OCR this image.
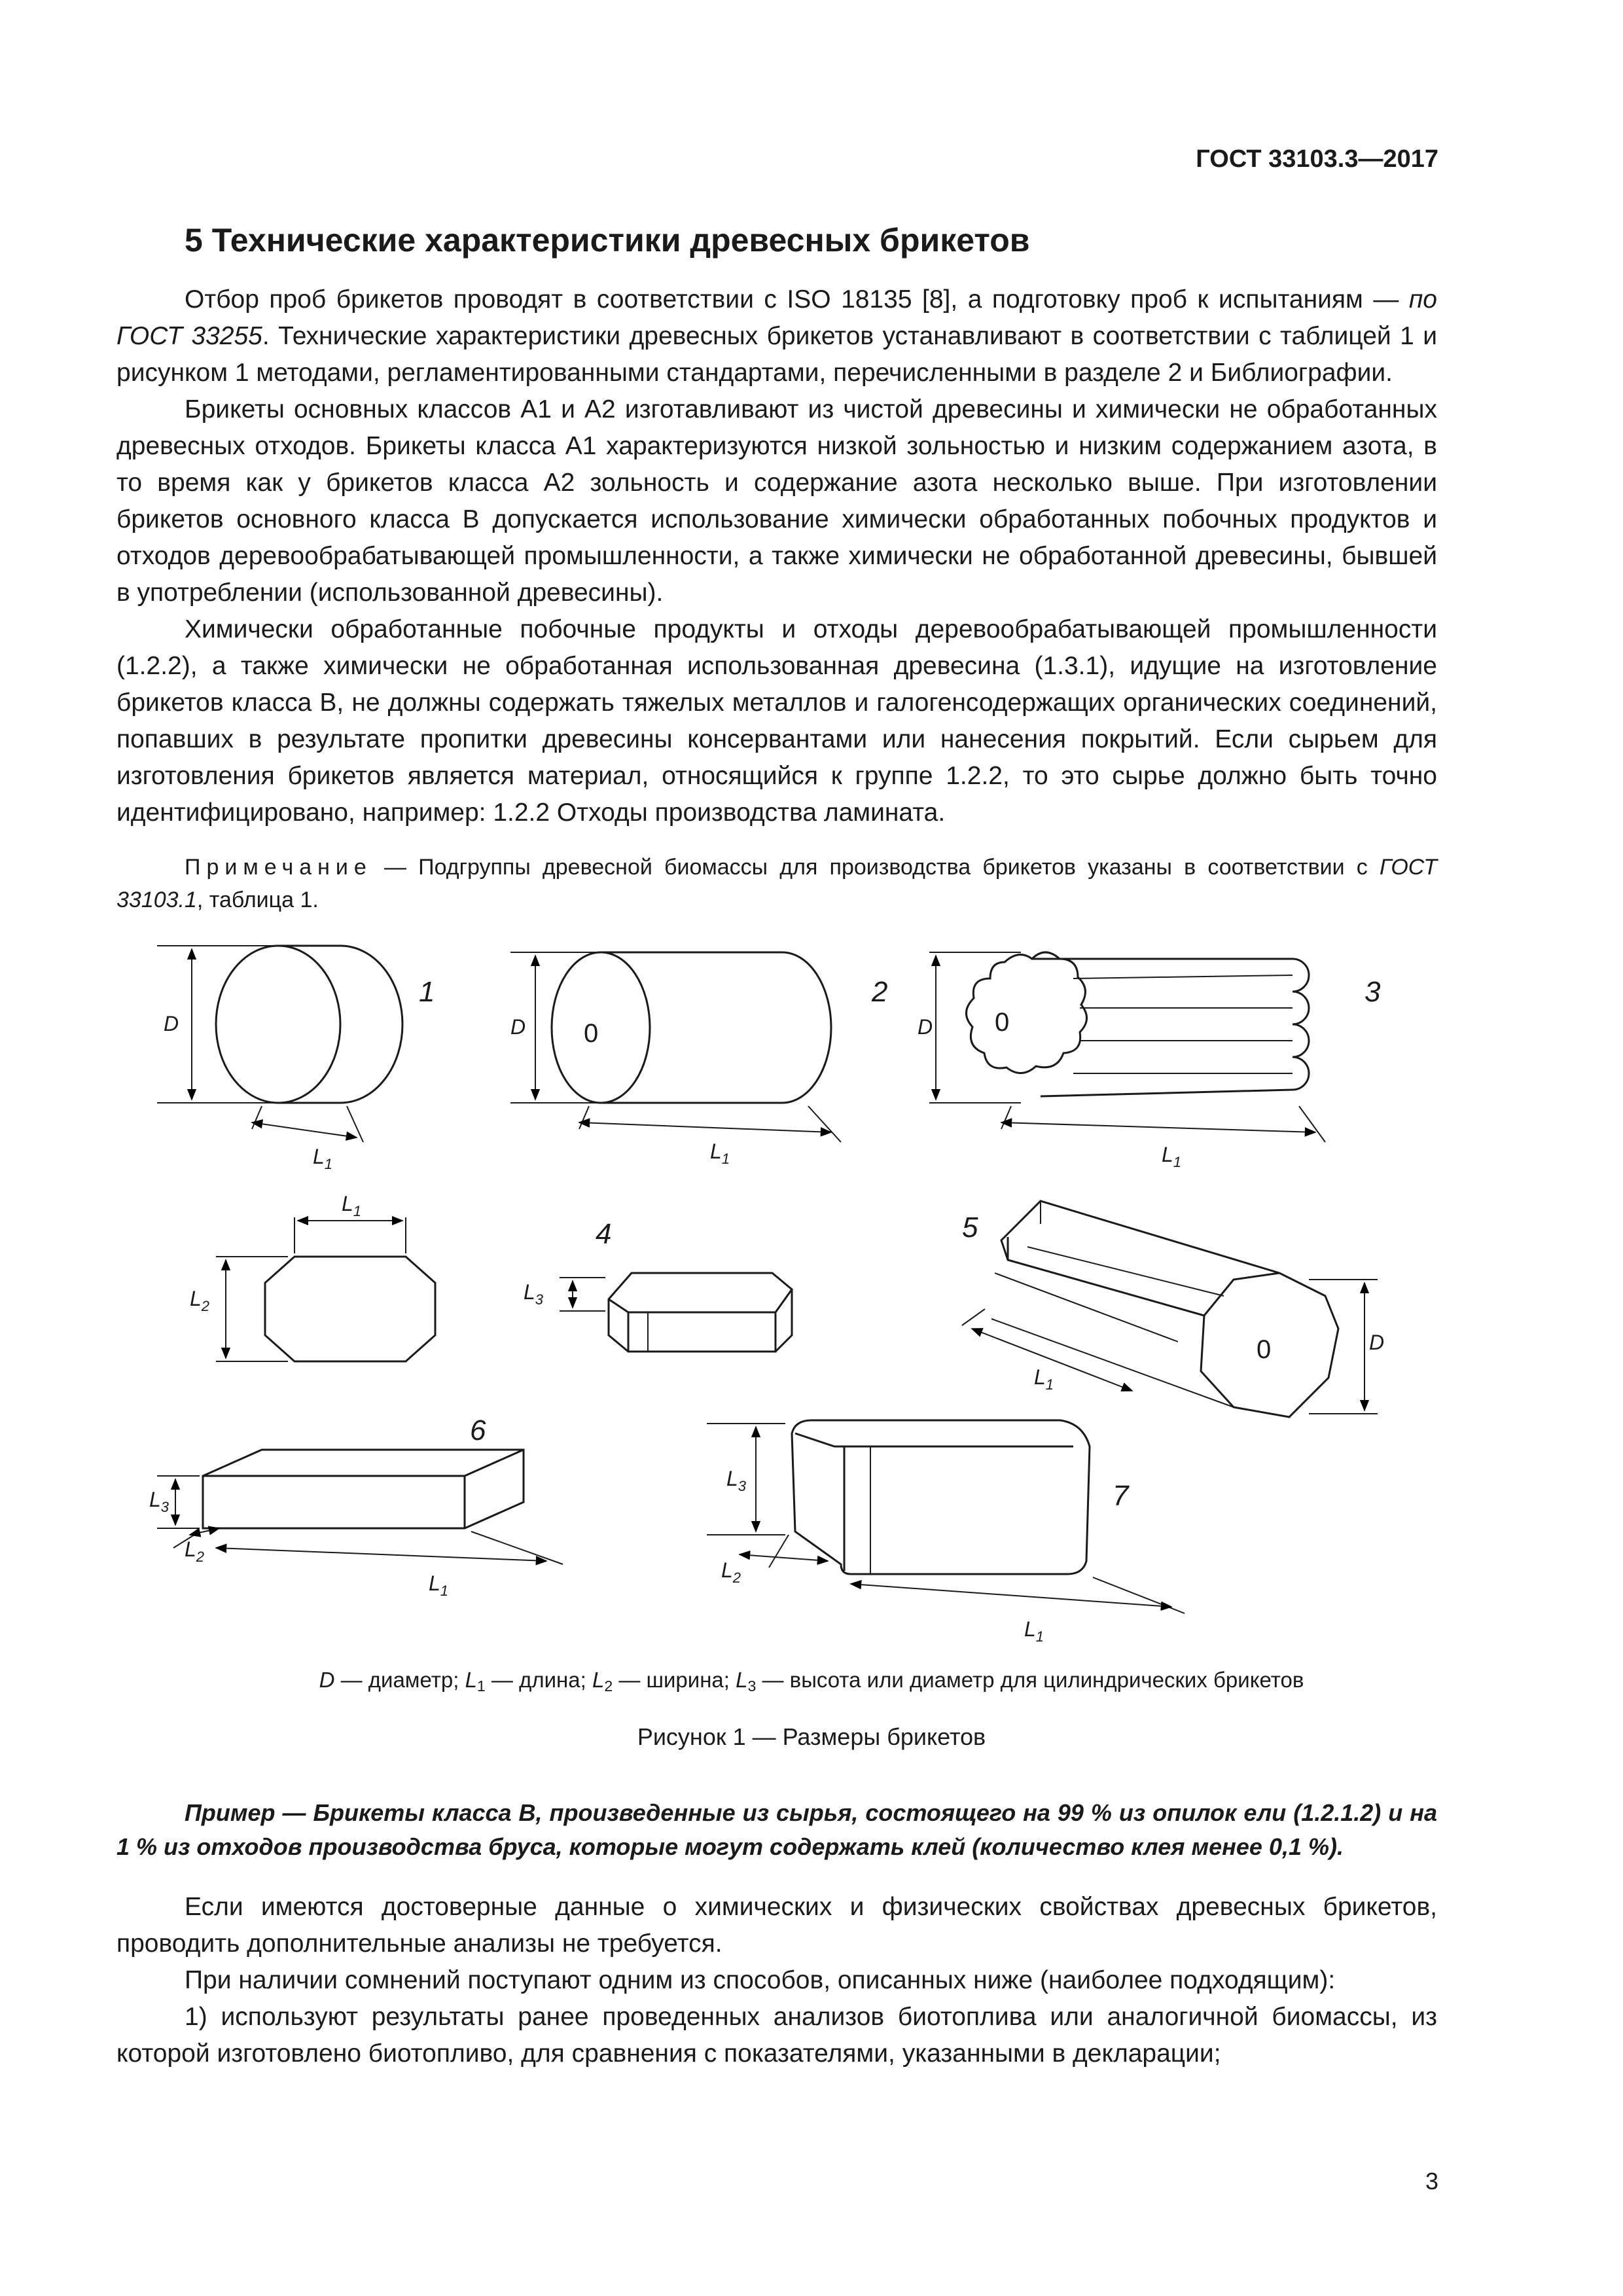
ГОСТ 33103.3—2017
5 Технические характеристики древесных брикетов

Отбор проб брикетов проводят в соответствии с ISO 18135 [8], а подготовку проб к испытаниям — по ГОСТ 33255. Технические характеристики древесных брикетов устанавливают в соответствии с таблицей 1 и рисунком 1 методами, регламентированными стандартами, перечисленными в разделе 2 и Библиографии.

Брикеты основных классов А1 и А2 изготавливают из чистой древесины и химически не обработанных древесных отходов. Брикеты класса А1 характеризуются низкой зольностью и низким содержанием азота, в то время как у брикетов класса А2 зольность и содержание азота несколько выше. При изготовлении брикетов основного класса В допускается использование химически обработанных побочных продуктов и отходов деревообрабатывающей промышленности, а также химически не обработанной древесины, бывшей в употреблении (использованной древесины).

Химически обработанные побочные продукты и отходы деревообрабатывающей промышленности (1.2.2), а также химически не обработанная использованная древесина (1.3.1), идущие на изготовление брикетов класса В, не должны содержать тяжелых металлов и галогенсодержащих органических соединений, попавших в результате пропитки древесины консервантами или нанесения покрытий. Если сырьем для изготовления брикетов является материал, относящийся к группе 1.2.2, то это сырье должно быть точно идентифицировано, например: 1.2.2 Отходы производства ламината.

Примечание — Подгруппы древесной биомассы для производства брикетов указаны в соответствии с ГОСТ 33103.1, таблица 1.
1	2	3
4	5
6
7
D	D	D
D
0	0
0
$L_1$
$L_1$	$L_1$
$L_1$
$L_2$
$L_3$
$L_1$
$L_3$
$L_2$
$L_1$
$L_3$
$L_2$
$L_1$
D — диаметр; $L_1$ — длина; $L_2$ — ширина; $L_3$ — высота или диаметр для цилиндрических брикетов
Рисунок 1 — Размеры брикетов
Пример — Брикеты класса В, произведенные из сырья, состоящего на 99 % из опилок ели (1.2.1.2) и на 1 % из отходов производства бруса, которые могут содержать клей (количество клея менее 0,1 %).

Если имеются достоверные данные о химических и физических свойствах древесных брикетов, проводить дополнительные анализы не требуется.

При наличии сомнений поступают одним из способов, описанных ниже (наиболее подходящим):

1) используют результаты ранее проведенных анализов биотоплива или аналогичной биомассы, из которой изготовлено биотопливо, для сравнения с показателями, указанными в декларации;

3
